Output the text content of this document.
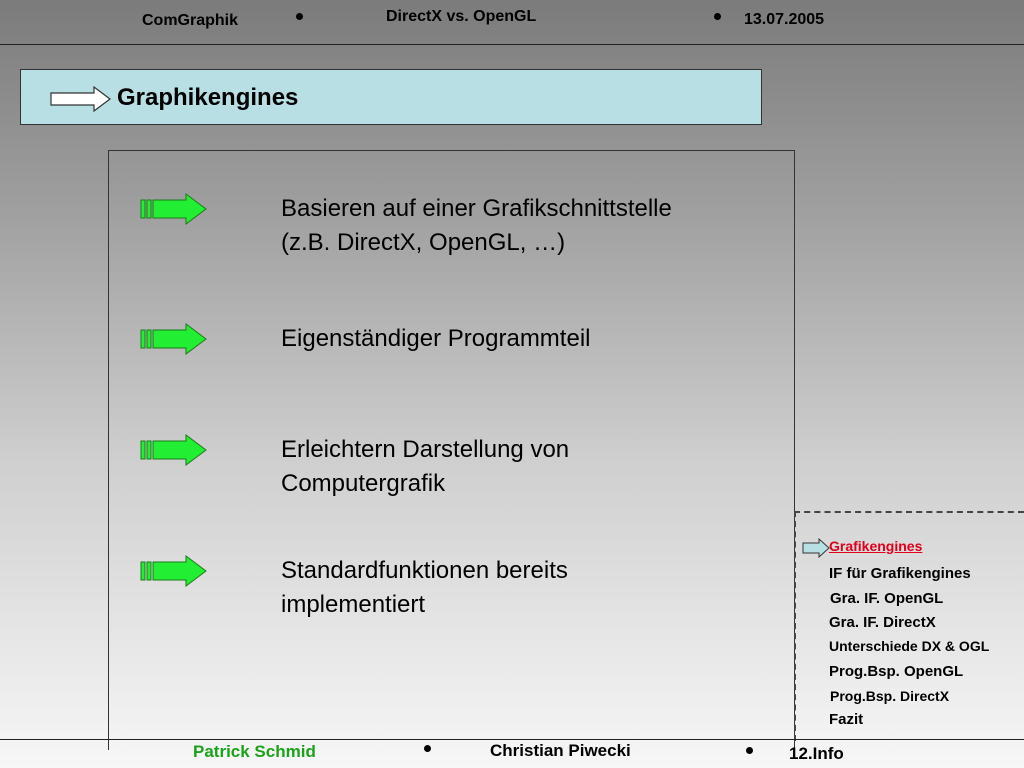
ComGraphik	DirectX vs. OpenGL	13.07.2005
Graphikengines
Basieren auf einer Grafikschnittstelle
(z.B. DirectX, OpenGL, …)
Eigenständiger Programmteil
Erleichtern Darstellung von
Computergrafik
Standardfunktionen bereits
implementiert
Grafikengines
IF für Grafikengines
Gra. IF. OpenGL
Gra. IF. DirectX
Unterschiede DX & OGL
Prog.Bsp. OpenGL
Prog.Bsp. DirectX
Fazit
Patrick Schmid	Christian Piwecki	12.Info
